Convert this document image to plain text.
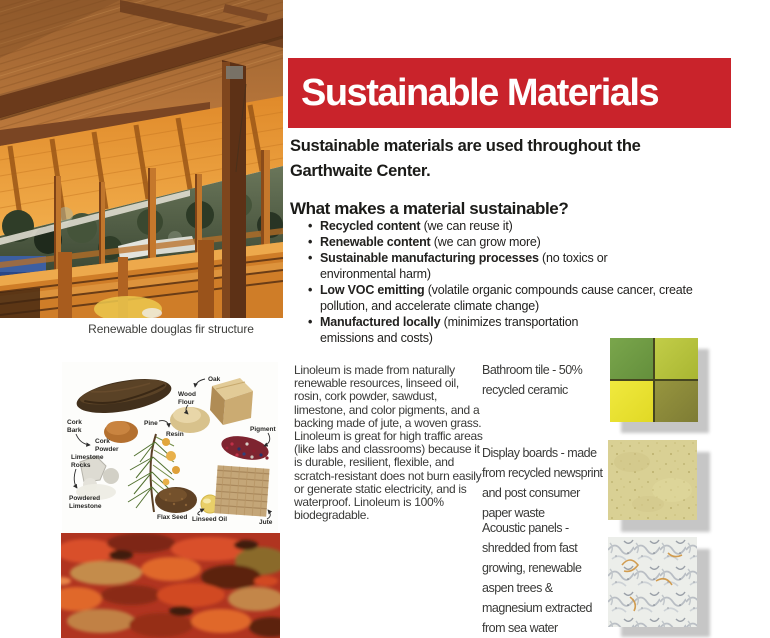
Renewable douglas fir structure
Sustainable Materials
Sustainable materials are used throughout the Garthwaite Center.
What makes a material sustainable?
• Recycled content (we can reuse it)
• Renewable content (we can grow more)
• Sustainable manufacturing processes (no toxics or environmental harm)
• Low VOC emitting (volatile organic compounds cause cancer, create pollution, and accelerate climate change)
• Manufactured locally (minimizes transportation emissions and costs)
Oak
Wood
Flour
Cork
Bark
Cork
Powder
Pine
Resin
Pigment
Limestone
Rocks
Powdered
Limestone
Flax Seed Linseed Oil	Jute
Linoleum is made from naturally renewable resources, linseed oil, rosin, cork powder, sawdust, limestone, and color pigments, and a backing made of jute, a woven grass. Linoleum is great for high traffic areas (like labs and classrooms) because it is durable, resilient, flexible, and scratch-resistant does not burn easily or generate static electricity, and is waterproof. Linoleum is 100% biodegradable.
Bathroom tile - 50% recycled ceramic
Display boards - made from recycled newsprint and post consumer paper waste
Acoustic panels - shredded from fast growing, renewable aspen trees & magnesium extracted from sea water
